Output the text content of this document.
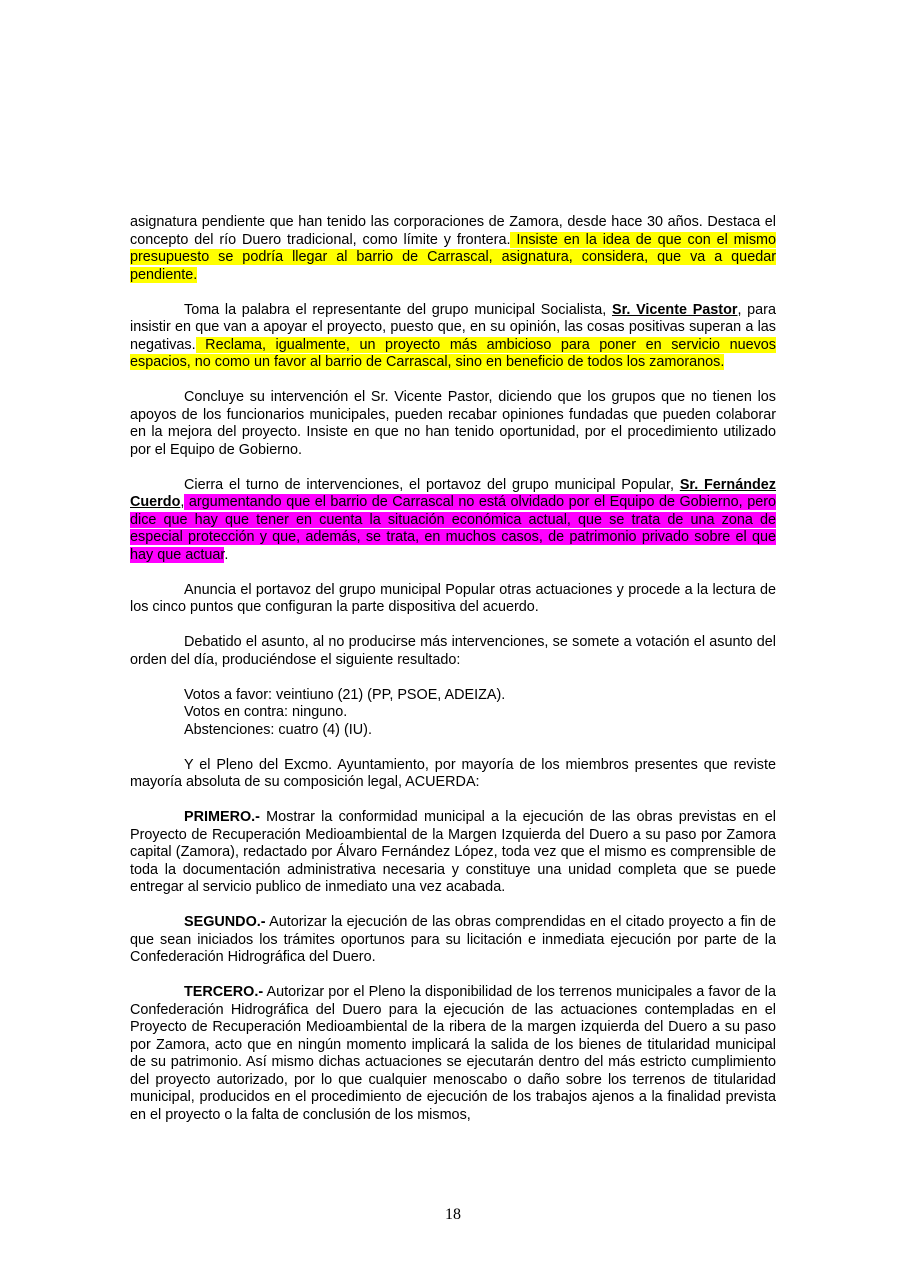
asignatura pendiente que han tenido las corporaciones de Zamora, desde hace 30 años. Destaca el concepto del río Duero tradicional, como límite y frontera. Insiste en la idea de que con el mismo presupuesto se podría llegar al barrio de Carrascal, asignatura, considera, que va a quedar pendiente.

Toma la palabra el representante del grupo municipal Socialista, Sr. Vicente Pastor, para insistir en que van a apoyar el proyecto, puesto que, en su opinión, las cosas positivas superan a las negativas. Reclama, igualmente, un proyecto más ambicioso para poner en servicio nuevos espacios, no como un favor al barrio de Carrascal, sino en beneficio de todos los zamoranos.

Concluye su intervención el Sr. Vicente Pastor, diciendo que los grupos que no tienen los apoyos de los funcionarios municipales, pueden recabar opiniones fundadas que pueden colaborar en la mejora del proyecto. Insiste en que no han tenido oportunidad, por el procedimiento utilizado por el Equipo de Gobierno.

Cierra el turno de intervenciones, el portavoz del grupo municipal Popular, Sr. Fernández Cuerdo, argumentando que el barrio de Carrascal no está olvidado por el Equipo de Gobierno, pero dice que hay que tener en cuenta la situación económica actual, que se trata de una zona de especial protección y que, además, se trata, en muchos casos, de patrimonio privado sobre el que hay que actuar.

Anuncia el portavoz del grupo municipal Popular otras actuaciones y procede a la lectura de los cinco puntos que configuran la parte dispositiva del acuerdo.

Debatido el asunto, al no producirse más intervenciones, se somete a votación el asunto del orden del día, produciéndose el siguiente resultado:

Votos a favor: veintiuno (21) (PP, PSOE, ADEIZA).
Votos en contra: ninguno.
Abstenciones: cuatro (4) (IU).

Y el Pleno del Excmo. Ayuntamiento, por mayoría de los miembros presentes que reviste mayoría absoluta de su composición legal, ACUERDA:

PRIMERO.- Mostrar la conformidad municipal a la ejecución de las obras previstas en el Proyecto de Recuperación Medioambiental de la Margen Izquierda del Duero a su paso por Zamora capital (Zamora), redactado por Álvaro Fernández López, toda vez que el mismo es comprensible de toda la documentación administrativa necesaria y constituye una unidad completa que se puede entregar al servicio publico de inmediato una vez acabada.

SEGUNDO.- Autorizar la ejecución de las obras comprendidas en el citado proyecto a fin de que sean iniciados los trámites oportunos para su licitación e inmediata ejecución por parte de la Confederación Hidrográfica del Duero.

TERCERO.- Autorizar por el Pleno la disponibilidad de los terrenos municipales a favor de la Confederación Hidrográfica del Duero para la ejecución de las actuaciones contempladas en el Proyecto de Recuperación Medioambiental de la ribera de la margen izquierda del Duero a su paso por Zamora, acto que en ningún momento implicará la salida de los bienes de titularidad municipal de su patrimonio. Así mismo dichas actuaciones se ejecutarán dentro del más estricto cumplimiento del proyecto autorizado, por lo que cualquier menoscabo o daño sobre los terrenos de titularidad municipal, producidos en el procedimiento de ejecución de los trabajos ajenos a la finalidad prevista en el proyecto o la falta de conclusión de los mismos,

18
